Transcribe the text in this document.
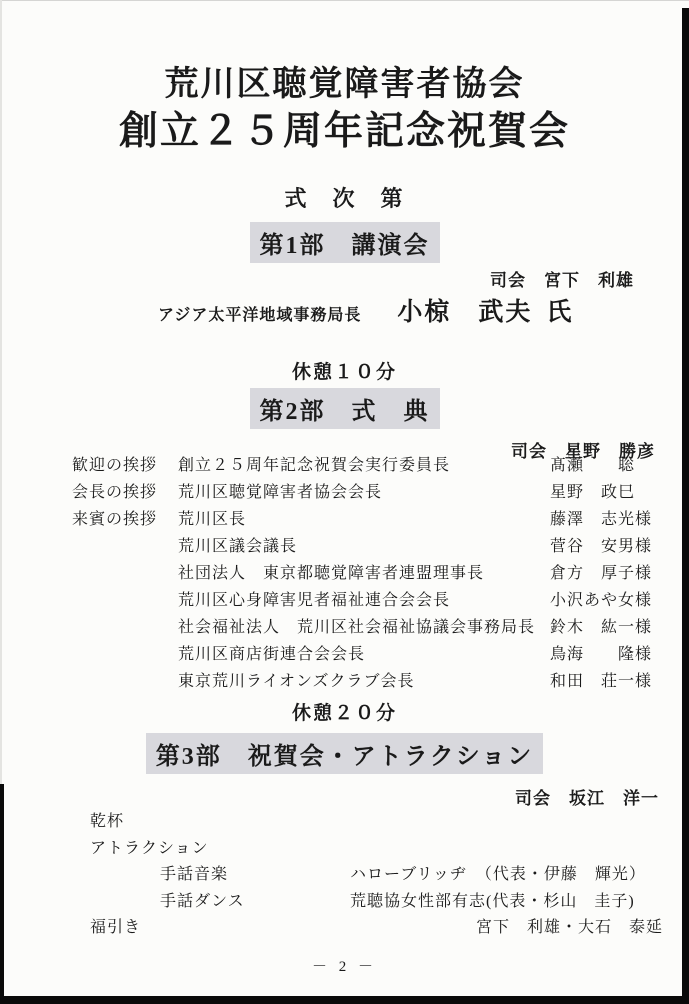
荒川区聴覚障害者協会
創立２５周年記念祝賀会
式　次　第
第1部　講演会
司会 宮下　利雄
アジア太平洋地域事務局長 小椋　武夫 氏
休憩１０分
第2部　式　典
司会 星野　勝彦
歓迎の挨拶	創立２５周年記念祝賀会実行委員長	髙瀬　　聡
会長の挨拶	荒川区聴覚障害者協会会長	星野　政巳
来賓の挨拶	荒川区長	藤澤　志光様
荒川区議会議長	菅谷　安男様
社団法人　東京都聴覚障害者連盟理事長	倉方　厚子様
荒川区心身障害児者福祉連合会会長	小沢あや女様
社会福祉法人　荒川区社会福祉協議会事務局長 鈴木　紘一様
荒川区商店街連合会会長	鳥海　　隆様
東京荒川ライオンズクラブ会長	和田　荘一様
休憩２０分
第3部　祝賀会・アトラクション
司会 坂江　洋一
乾杯
アトラクション
手話音楽	ハローブリッヂ　（代表・伊藤　輝光）
手話ダンス	荒聴協女性部有志(代表・杉山　圭子)
福引き	宮下　利雄・大石　泰延
－ 2 －
